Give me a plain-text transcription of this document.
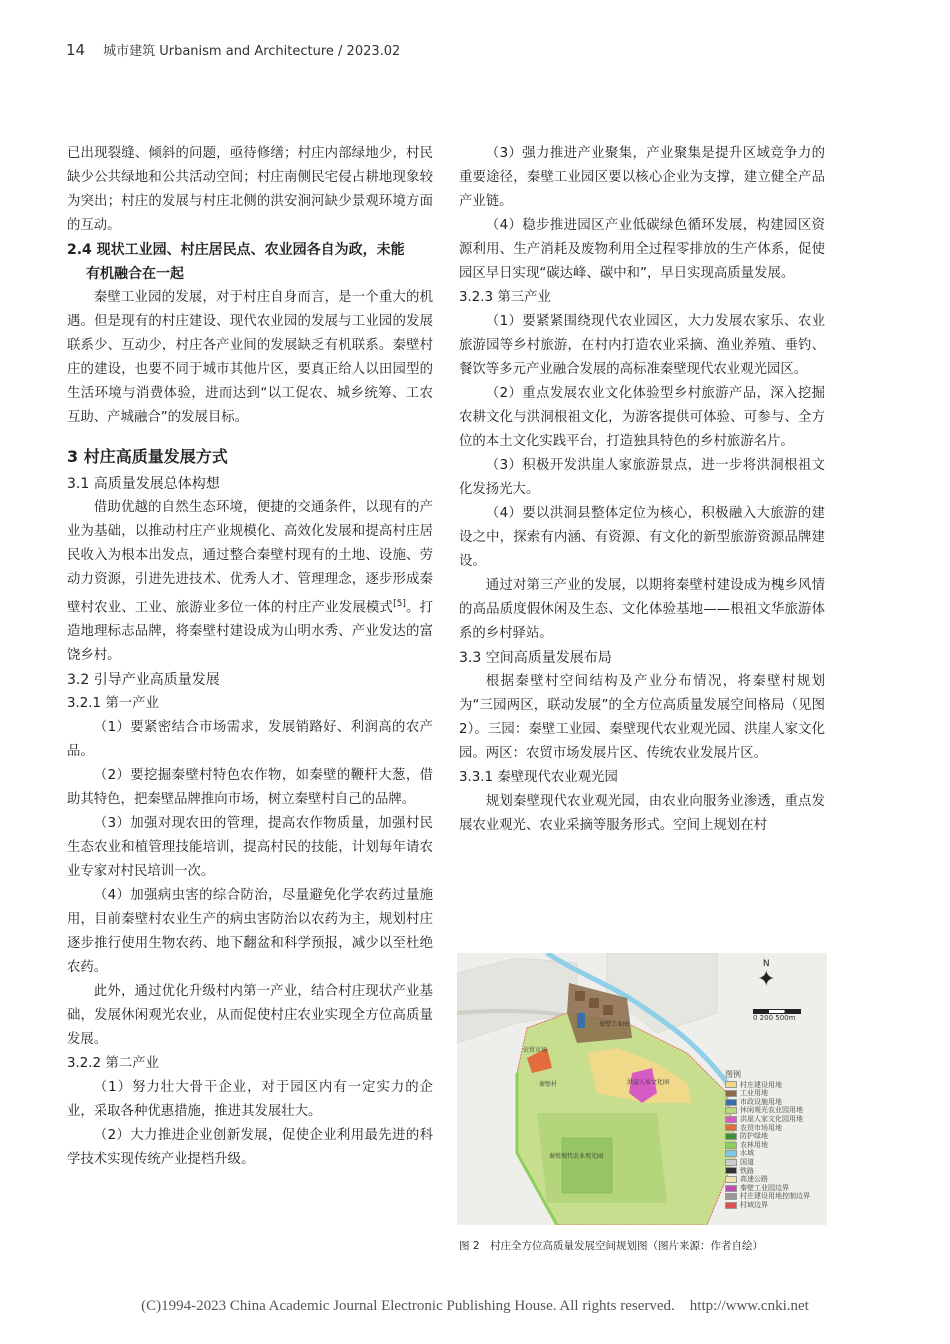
14 城市建筑 Urbanism and Architecture / 2023.02

已出现裂缝、倾斜的问题，亟待修缮；村庄内部绿地少，村民缺少公共绿地和公共活动空间；村庄南侧民宅侵占耕地现象较为突出；村庄的发展与村庄北侧的洪安涧河缺少景观环境方面的互动。

2.4 现状工业园、村庄居民点、农业园各自为政，未能
有机融合在一起

秦壁工业园的发展，对于村庄自身而言，是一个重大的机遇。但是现有的村庄建设、现代农业园的发展与工业园的发展联系少、互动少，村庄各产业间的发展缺乏有机联系。秦壁村庄的建设，也要不同于城市其他片区，要真正给人以田园型的生活环境与消费体验，进而达到“以工促农、城乡统筹、工农互助、产城融合”的发展目标。

3 村庄高质量发展方式
3.1 高质量发展总体构想

借助优越的自然生态环境，便捷的交通条件，以现有的产业为基础，以推动村庄产业规模化、高效化发展和提高村庄居民收入为根本出发点，通过整合秦壁村现有的土地、设施、劳动力资源，引进先进技术、优秀人才、管理理念，逐步形成秦壁村农业、工业、旅游业多位一体的村庄产业发展模式[5]。打造地理标志品牌，将秦壁村建设成为山明水秀、产业发达的富饶乡村。

3.2 引导产业高质量发展
3.2.1 第一产业

（1）要紧密结合市场需求，发展销路好、利润高的农产品。

（2）要挖掘秦壁村特色农作物，如秦壁的鞭杆大葱，借助其特色，把秦壁品牌推向市场，树立秦壁村自己的品牌。

（3）加强对现农田的管理，提高农作物质量，加强村民生态农业和植管理技能培训，提高村民的技能，计划每年请农业专家对村民培训一次。

（4）加强病虫害的综合防治，尽量避免化学农药过量施用，目前秦壁村农业生产的病虫害防治以农药为主，规划村庄逐步推行使用生物农药、地下翻盆和科学预报，减少以至杜绝农药。

此外，通过优化升级村内第一产业，结合村庄现状产业基础，发展休闲观光农业，从而促使村庄农业实现全方位高质量发展。

3.2.2 第二产业

（1）努力壮大骨干企业，对于园区内有一定实力的企业，采取各种优惠措施，推进其发展壮大。

（2）大力推进企业创新发展，促使企业利用最先进的科学技术实现传统产业提档升级。

（3）强力推进产业聚集，产业聚集是提升区域竞争力的重要途径，秦壁工业园区要以核心企业为支撑，建立健全产品产业链。

（4）稳步推进园区产业低碳绿色循环发展，构建园区资源利用、生产消耗及废物利用全过程零排放的生产体系，促使园区早日实现“碳达峰、碳中和”，早日实现高质量发展。

3.2.3 第三产业

（1）要紧紧围绕现代农业园区，大力发展农家乐、农业旅游园等乡村旅游，在村内打造农业采摘、渔业养殖、垂钓、餐饮等多元产业融合发展的高标准秦壁现代农业观光园区。

（2）重点发展农业文化体验型乡村旅游产品，深入挖掘农耕文化与洪洞根祖文化，为游客提供可体验、可参与、全方位的本土文化实践平台，打造独具特色的乡村旅游名片。

（3）积极开发洪崖人家旅游景点，进一步将洪洞根祖文化发扬光大。

（4）要以洪洞县整体定位为核心，积极融入大旅游的建设之中，探索有内涵、有资源、有文化的新型旅游资源品牌建设。

通过对第三产业的发展，以期将秦壁村建设成为槐乡风情的高品质度假休闲及生态、文化体验基地——根祖文华旅游体系的乡村驿站。

3.3 空间高质量发展布局

根据秦壁村空间结构及产业分布情况，将秦壁村规划为“三园两区，联动发展”的全方位高质量发展空间格局（见图2）。三园：秦壁工业园、秦壁现代农业观光园、洪崖人家文化园。两区：农贸市场发展片区、传统农业发展片区。

3.3.1 秦壁现代农业观光园

规划秦壁现代农业观光园，由农业向服务业渗透，重点发展农业观光、农业采摘等服务形式。空间上规划在村

秦壁工业园
农贸市场
秦壁村	洪崖人家文化园
秦壁现代农业观光园
N
✦
0 200 500m
图例
村庄建设用地
工业用地
市政设施用地
休闲观光农业园用地
洪崖人家文化园用地
农贸市场用地
防护绿地
农林用地
水域
国道
铁路
高速公路
秦壁工业园边界
村庄建设用地控制边界
村域边界
图 2　村庄全方位高质量发展空间规划图（图片来源：作者自绘）
(C)1994-2023 China Academic Journal Electronic Publishing House. All rights reserved.    http://www.cnki.net
